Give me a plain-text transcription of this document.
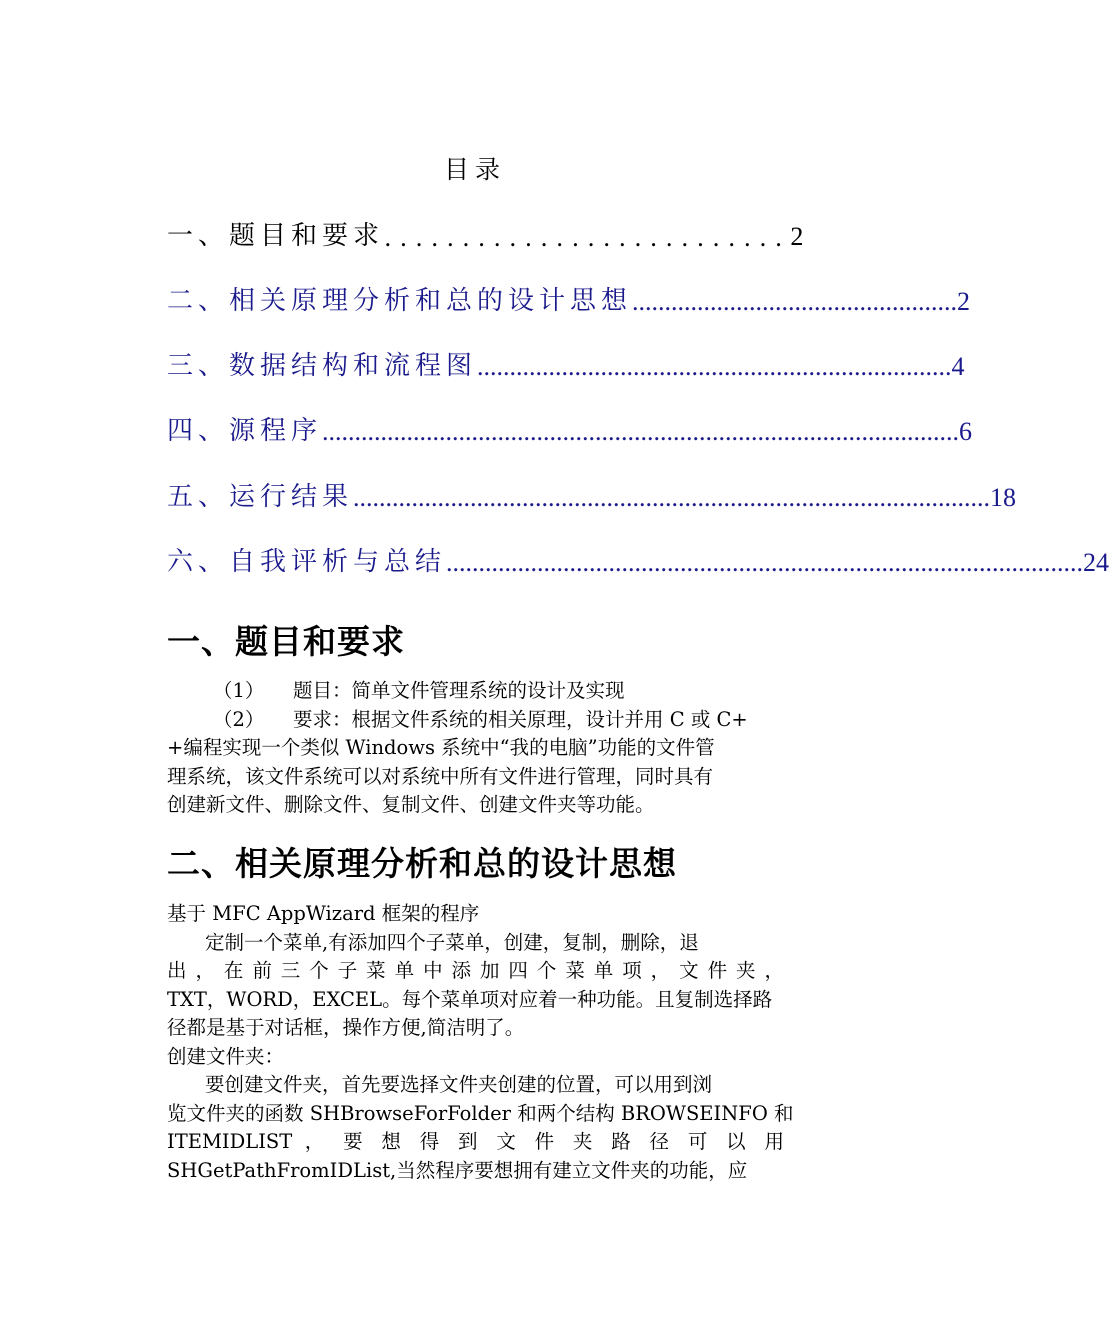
目录
一、题目和要求 .......................... 2
二、相关原理分析和总的设计思想 .................................................. 2
三、数据结构和流程图 ......................................................................... 4
四、源程序 .................................................................................................. 6
五、运行结果 .................................................................................................. 18
六、自我评析与总结 .................................................................................................. 24
一、题目和要求
（1） 题目：简单文件管理系统的设计及实现
（2） 要求：根据文件系统的相关原理，设计并用 C 或 C+
+编程实现一个类似 Windows 系统中“我的电脑”功能的文件管
理系统，该文件系统可以对系统中所有文件进行管理，同时具有
创建新文件、删除文件、复制文件、创建文件夹等功能。
二、相关原理分析和总的设计思想
基于 MFC AppWizard 框架的程序
定制一个菜单,有添加四个子菜单，创建，复制，删除，退
出，在前三个子菜单中添加四个菜单项，文件夹，
TXT，WORD，EXCEL。每个菜单项对应着一种功能。且复制选择路
径都是基于对话框，操作方便,简洁明了。
创建文件夹：
要创建文件夹，首先要选择文件夹创建的位置，可以用到浏
览文件夹的函数 SHBrowseForFolder 和两个结构 BROWSEINFO 和
ITEMIDLIST ， 要 想 得 到 文 件 夹 路 径 可 以 用
SHGetPathFromIDList,当然程序要想拥有建立文件夹的功能，应
